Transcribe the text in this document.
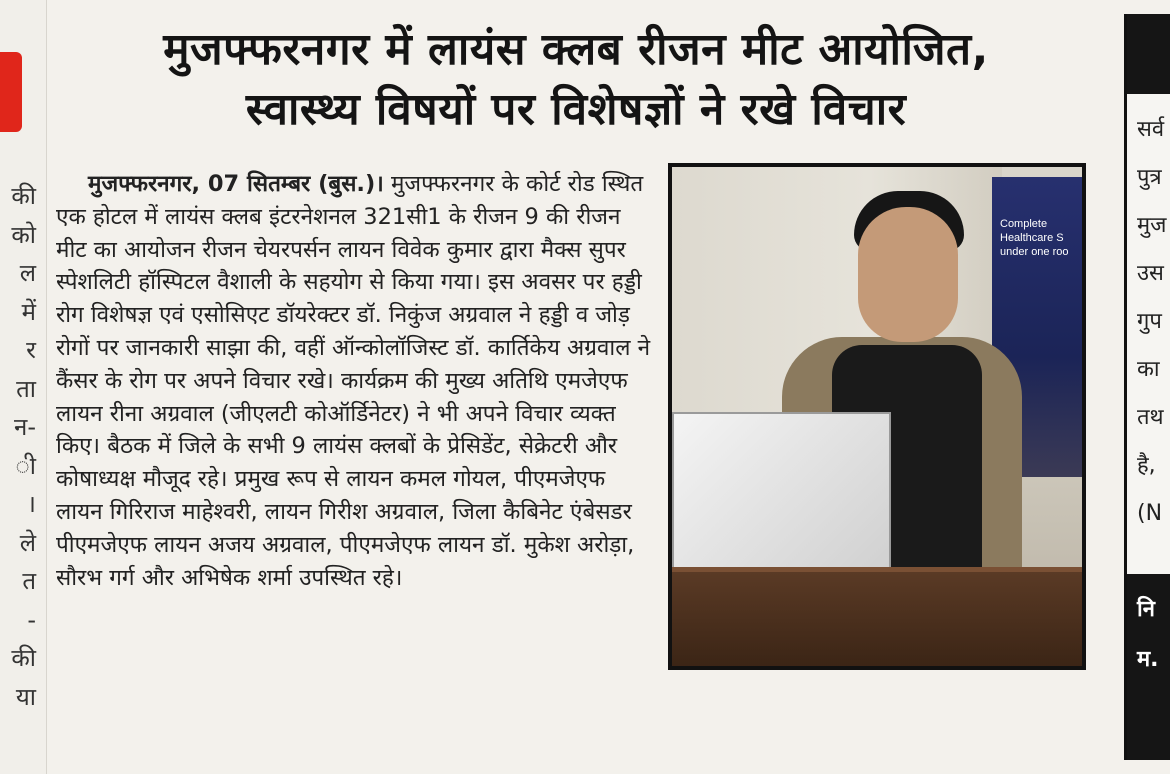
की
को
ल
में
र
ता
न-
ी
।
ले
त
-
की
या
मुजफ्फरनगर में लायंस क्लब रीजन मीट आयोजित,
स्वास्थ्य विषयों पर विशेषज्ञों ने रखे विचार
Complete Healthcare S under one roo
मुजफ्फरनगर, 07 सितम्बर (बुस.)। मुजफ्फरनगर के कोर्ट रोड स्थित एक होटल में लायंस क्लब इंटरनेशनल 321सी1 के रीजन 9 की रीजन मीट का आयोजन रीजन चेयरपर्सन लायन विवेक कुमार द्वारा मैक्स सुपर स्पेशलिटी हॉस्पिटल वैशाली के सहयोग से किया गया। इस अवसर पर हड्डी रोग विशेषज्ञ एवं एसोसिएट डॉयरेक्टर डॉ. निकुंज अग्रवाल ने हड्डी व जोड़ रोगों पर जानकारी साझा की, वहीं ऑन्कोलॉजिस्ट डॉ. कार्तिकेय अग्रवाल ने कैंसर के रोग पर अपने विचार रखे। कार्यक्रम की मुख्य अतिथि एमजेएफ लायन रीना अग्रवाल (जीएलटी कोऑर्डिनेटर) ने भी अपने विचार व्यक्त किए। बैठक में जिले के सभी 9 लायंस क्लबों के प्रेसिडेंट, सेक्रेटरी और कोषाध्यक्ष मौजूद रहे। प्रमुख रूप से लायन कमल गोयल, पीएमजेएफ लायन गिरिराज माहेश्वरी, लायन गिरीश अग्रवाल, जिला कैबिनेट एंबेसडर पीएमजेएफ लायन अजय अग्रवाल, पीएमजेएफ लायन डॉ. मुकेश अरोड़ा, सौरभ गर्ग और अभिषेक शर्मा उपस्थित रहे।
सर्व
पुत्र
मुज
उस
गुप
का
तथ
है,
(N
नि
म.
